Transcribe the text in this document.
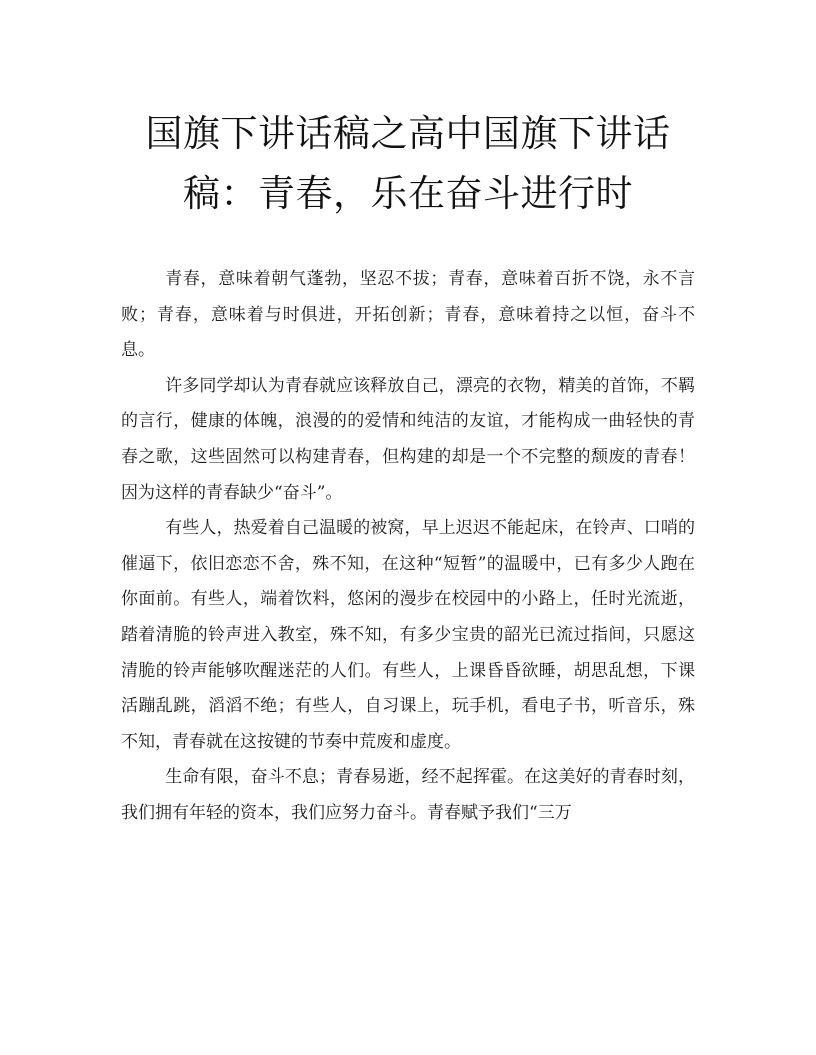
国旗下讲话稿之高中国旗下讲话稿：青春，乐在奋斗进行时

青春，意味着朝气蓬勃，坚忍不拔；青春，意味着百折不饶，永不言败；青春，意味着与时俱进，开拓创新；青春，意味着持之以恒，奋斗不息。

许多同学却认为青春就应该释放自己，漂亮的衣物，精美的首饰，不羁的言行，健康的体魄，浪漫的的爱情和纯洁的友谊，才能构成一曲轻快的青春之歌，这些固然可以构建青春，但构建的却是一个不完整的颓废的青春！因为这样的青春缺少“奋斗”。

有些人，热爱着自己温暖的被窝，早上迟迟不能起床，在铃声、口哨的催逼下，依旧恋恋不舍，殊不知，在这种“短暂”的温暖中，已有多少人跑在你面前。有些人，端着饮料，悠闲的漫步在校园中的小路上，任时光流逝，踏着清脆的铃声进入教室，殊不知，有多少宝贵的韶光已流过指间，只愿这清脆的铃声能够吹醒迷茫的人们。有些人，上课昏昏欲睡，胡思乱想，下课活蹦乱跳，滔滔不绝；有些人，自习课上，玩手机，看电子书，听音乐，殊不知，青春就在这按键的节奏中荒废和虚度。

生命有限，奋斗不息；青春易逝，经不起挥霍。在这美好的青春时刻，我们拥有年轻的资本，我们应努力奋斗。青春赋予我们“三万
